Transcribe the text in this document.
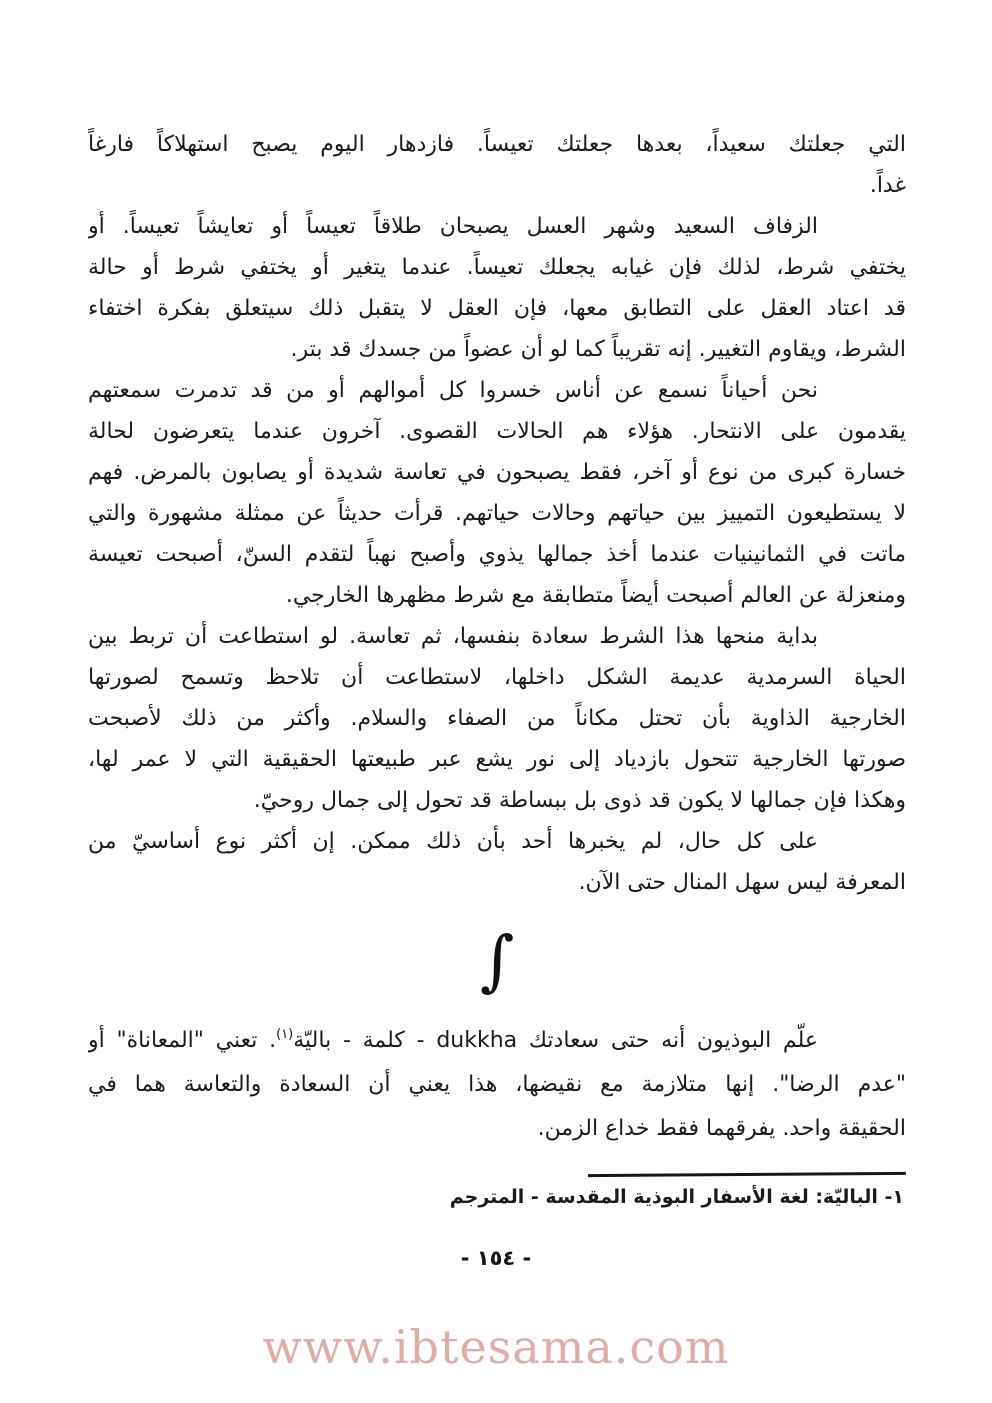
التي جعلتك سعيداً، بعدها جعلتك تعيساً. فازدهار اليوم يصبح استهلاكاً فارغاً
غداً.
الزفاف السعيد وشهر العسل يصبحان طلاقاً تعيساً أو تعايشاً تعيساً. أو
يختفي شرط، لذلك فإن غيابه يجعلك تعيساً. عندما يتغير أو يختفي شرط أو حالة
قد اعتاد العقل على التطابق معها، فإن العقل لا يتقبل ذلك سيتعلق بفكرة اختفاء
الشرط، ويقاوم التغيير. إنه تقريباً كما لو أن عضواً من جسدك قد بتر.
نحن أحياناً نسمع عن أناس خسروا كل أموالهم أو من قد تدمرت سمعتهم
يقدمون على الانتحار. هؤلاء هم الحالات القصوى. آخرون عندما يتعرضون لحالة
خسارة كبرى من نوع أو آخر، فقط يصبحون في تعاسة شديدة أو يصابون بالمرض. فهم
لا يستطيعون التمييز بين حياتهم وحالات حياتهم. قرأت حديثاً عن ممثلة مشهورة والتي
ماتت في الثمانينيات عندما أخذ جمالها يذوي وأصبح نهباً لتقدم السنّ، أصبحت تعيسة
ومنعزلة عن العالم أصبحت أيضاً متطابقة مع شرط مظهرها الخارجي.
بداية منحها هذا الشرط سعادة بنفسها، ثم تعاسة. لو استطاعت أن تربط بين
الحياة السرمدية عديمة الشكل داخلها، لاستطاعت أن تلاحظ وتسمح لصورتها
الخارجية الذاوية بأن تحتل مكاناً من الصفاء والسلام. وأكثر من ذلك لأصبحت
صورتها الخارجية تتحول بازدياد إلى نور يشع عبر طبيعتها الحقيقية التي لا عمر لها،
وهكذا فإن جمالها لا يكون قد ذوى بل ببساطة قد تحول إلى جمال روحيّ.
على كل حال، لم يخبرها أحد بأن ذلك ممكن. إن أكثر نوع أساسيّ من
المعرفة ليس سهل المنال حتى الآن.
∫
علّم البوذيون أنه حتى سعادتك dukkha - كلمة - باليّة$^{(١)}$. تعني "المعاناة" أو
"عدم الرضا". إنها متلازمة مع نقيضها، هذا يعني أن السعادة والتعاسة هما في
الحقيقة واحد. يفرقهما فقط خداع الزمن.
١- الباليّة: لغة الأسفار البوذية المقدسة - المترجم
- ١٥٤ -
www.ibtesama.com
